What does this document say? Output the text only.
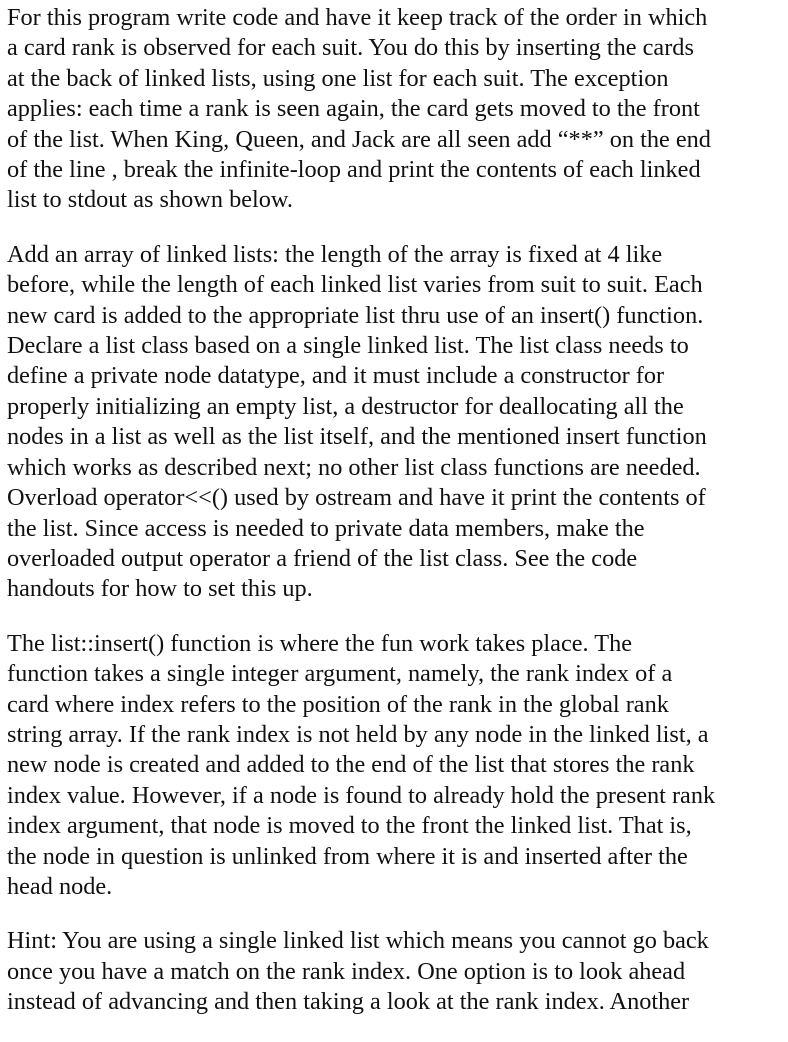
For this program write code and have it keep track of the order in which
a card rank is observed for each suit. You do this by inserting the cards
at the back of linked lists, using one list for each suit. The exception
applies: each time a rank is seen again, the card gets moved to the front
of the list. When King, Queen, and Jack are all seen add “**” on the end
of the line , break the infinite-loop and print the contents of each linked
list to stdout as shown below.

Add an array of linked lists: the length of the array is fixed at 4 like
before, while the length of each linked list varies from suit to suit. Each
new card is added to the appropriate list thru use of an insert() function.
Declare a list class based on a single linked list. The list class needs to
define a private node datatype, and it must include a constructor for
properly initializing an empty list, a destructor for deallocating all the
nodes in a list as well as the list itself, and the mentioned insert function
which works as described next; no other list class functions are needed.
Overload operator<<() used by ostream and have it print the contents of
the list. Since access is needed to private data members, make the
overloaded output operator a friend of the list class. See the code
handouts for how to set this up.

The list::insert() function is where the fun work takes place. The
function takes a single integer argument, namely, the rank index of a
card where index refers to the position of the rank in the global rank
string array. If the rank index is not held by any node in the linked list, a
new node is created and added to the end of the list that stores the rank
index value. However, if a node is found to already hold the present rank
index argument, that node is moved to the front the linked list. That is,
the node in question is unlinked from where it is and inserted after the
head node.

Hint: You are using a single linked list which means you cannot go back
once you have a match on the rank index. One option is to look ahead
instead of advancing and then taking a look at the rank index. Another
